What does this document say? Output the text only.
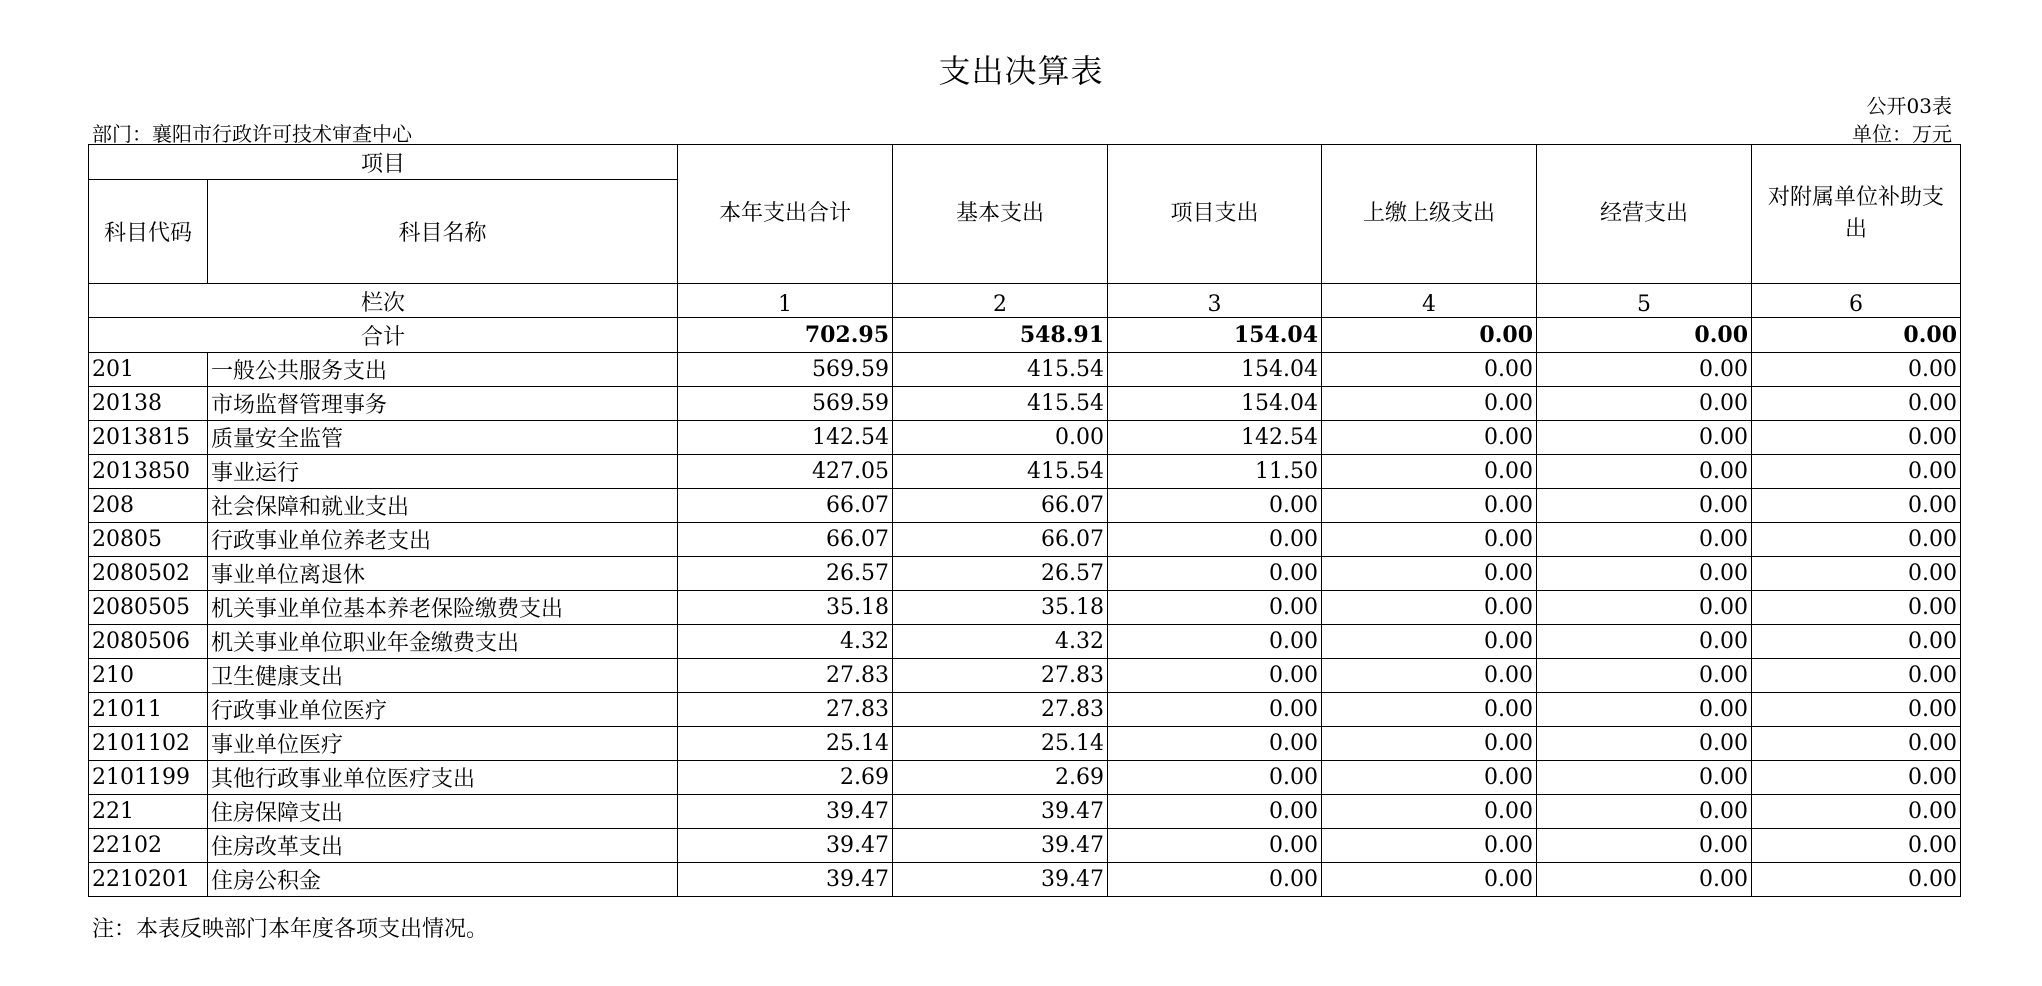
支出决算表
公开03表
部门：襄阳市行政许可技术审查中心	单位：万元
项目		本年支出合计	基本支出	项目支出	上缴上级支出	经营支出	对附属单位补助支出
科目代码	科目名称						
栏次		1	2	3	4	5	6
合计		702.95	548.91	154.04	0.00	0.00	0.00
201	一般公共服务支出	569.59	415.54	154.04	0.00	0.00	0.00
20138	市场监督管理事务	569.59	415.54	154.04	0.00	0.00	0.00
2013815	质量安全监管	142.54	0.00	142.54	0.00	0.00	0.00
2013850	事业运行	427.05	415.54	11.50	0.00	0.00	0.00
208	社会保障和就业支出	66.07	66.07	0.00	0.00	0.00	0.00
20805	行政事业单位养老支出	66.07	66.07	0.00	0.00	0.00	0.00
2080502	事业单位离退休	26.57	26.57	0.00	0.00	0.00	0.00
2080505	机关事业单位基本养老保险缴费支出	35.18	35.18	0.00	0.00	0.00	0.00
2080506	机关事业单位职业年金缴费支出	4.32	4.32	0.00	0.00	0.00	0.00
210	卫生健康支出	27.83	27.83	0.00	0.00	0.00	0.00
21011	行政事业单位医疗	27.83	27.83	0.00	0.00	0.00	0.00
2101102	事业单位医疗	25.14	25.14	0.00	0.00	0.00	0.00
2101199	其他行政事业单位医疗支出	2.69	2.69	0.00	0.00	0.00	0.00
221	住房保障支出	39.47	39.47	0.00	0.00	0.00	0.00
22102	住房改革支出	39.47	39.47	0.00	0.00	0.00	0.00
2210201	住房公积金	39.47	39.47	0.00	0.00	0.00	0.00
注：本表反映部门本年度各项支出情况。
